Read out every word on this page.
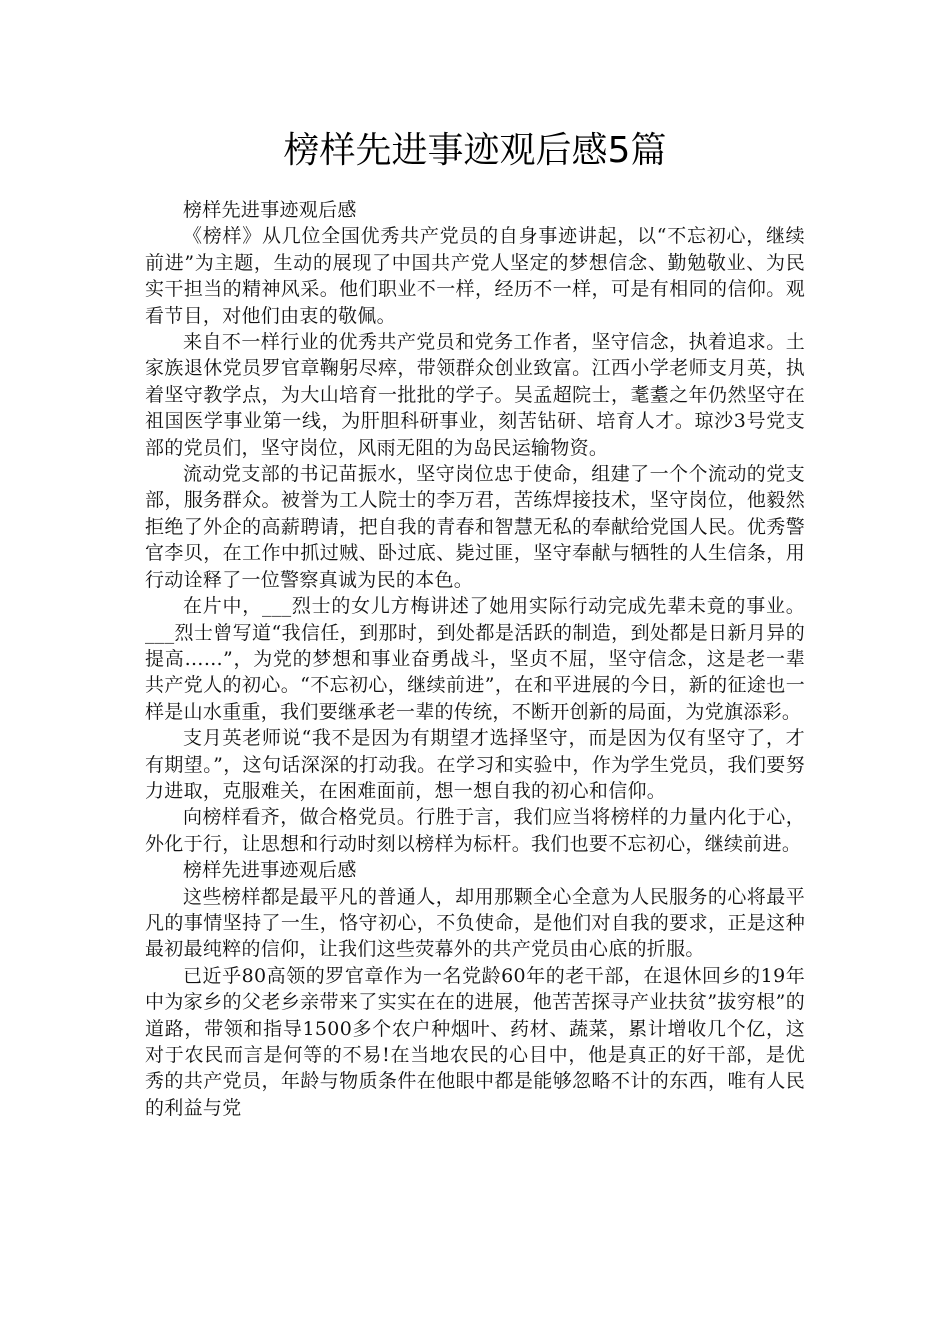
榜样先进事迹观后感5篇

榜样先进事迹观后感

《榜样》从几位全国优秀共产党员的自身事迹讲起，以“不忘初心，继续前进”为主题，生动的展现了中国共产党人坚定的梦想信念、勤勉敬业、为民实干担当的精神风采。他们职业不一样，经历不一样，可是有相同的信仰。观看节目，对他们由衷的敬佩。

来自不一样行业的优秀共产党员和党务工作者，坚守信念，执着追求。土家族退休党员罗官章鞠躬尽瘁，带领群众创业致富。江西小学老师支月英，执着坚守教学点，为大山培育一批批的学子。吴孟超院士，耄耋之年仍然坚守在祖国医学事业第一线，为肝胆科研事业，刻苦钻研、培育人才。琼沙3号党支部的党员们，坚守岗位，风雨无阻的为岛民运输物资。

流动党支部的书记苗振水，坚守岗位忠于使命，组建了一个个流动的党支部，服务群众。被誉为工人院士的李万君，苦练焊接技术，坚守岗位，他毅然拒绝了外企的高薪聘请，把自我的青春和智慧无私的奉献给党国人民。优秀警官李贝，在工作中抓过贼、卧过底、毙过匪，坚守奉献与牺牲的人生信条，用行动诠释了一位警察真诚为民的本色。

在片中，___烈士的女儿方梅讲述了她用实际行动完成先辈未竟的事业。___烈士曾写道“我信任，到那时，到处都是活跃的制造，到处都是日新月异的提高……”，为党的梦想和事业奋勇战斗，坚贞不屈，坚守信念，这是老一辈共产党人的初心。“不忘初心，继续前进”，在和平进展的今日，新的征途也一样是山水重重，我们要继承老一辈的传统，不断开创新的局面，为党旗添彩。

支月英老师说“我不是因为有期望才选择坚守，而是因为仅有坚守了，才有期望。”，这句话深深的打动我。在学习和实验中，作为学生党员，我们要努力进取，克服难关，在困难面前，想一想自我的初心和信仰。

向榜样看齐，做合格党员。行胜于言，我们应当将榜样的力量内化于心，外化于行，让思想和行动时刻以榜样为标杆。我们也要不忘初心，继续前进。

榜样先进事迹观后感

这些榜样都是最平凡的普通人，却用那颗全心全意为人民服务的心将最平凡的事情坚持了一生，恪守初心，不负使命，是他们对自我的要求，正是这种最初最纯粹的信仰，让我们这些荧幕外的共产党员由心底的折服。

已近乎80高领的罗官章作为一名党龄60年的老干部，在退休回乡的19年中为家乡的父老乡亲带来了实实在在的进展，他苦苦探寻产业扶贫”拔穷根”的道路，带领和指导1500多个农户种烟叶、药材、蔬菜，累计增收几个亿，这对于农民而言是何等的不易!在当地农民的心目中，他是真正的好干部，是优秀的共产党员，年龄与物质条件在他眼中都是能够忽略不计的东西，唯有人民的利益与党
